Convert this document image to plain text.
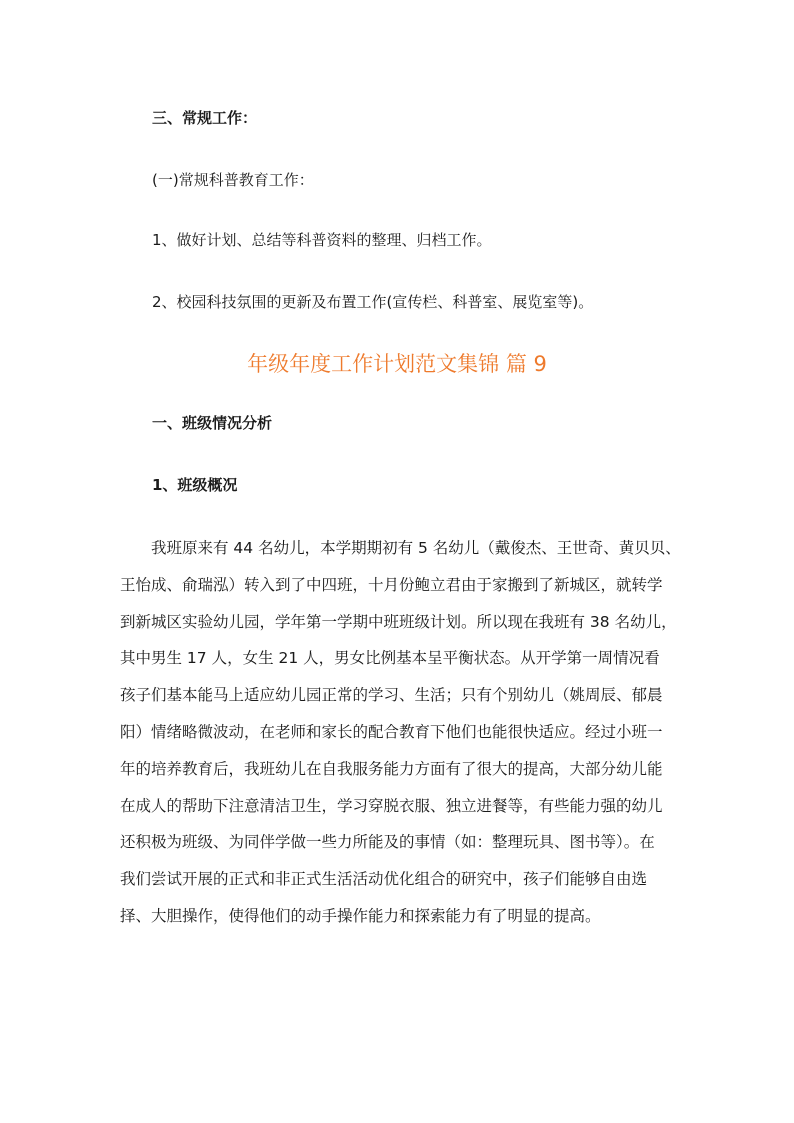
三、常规工作：
(一)常规科普教育工作：
1、做好计划、总结等科普资料的整理、归档工作。
2、校园科技氛围的更新及布置工作(宣传栏、科普室、展览室等)。
年级年度工作计划范文集锦 篇 9
一、班级情况分析
1、班级概况
　　我班原来有 44 名幼儿，本学期期初有 5 名幼儿（戴俊杰、王世奇、黄贝贝、
王怡成、俞瑞泓）转入到了中四班，十月份鲍立君由于家搬到了新城区，就转学
到新城区实验幼儿园，学年第一学期中班班级计划。所以现在我班有 38 名幼儿，
其中男生 17 人，女生 21 人，男女比例基本呈平衡状态。从开学第一周情况看
孩子们基本能马上适应幼儿园正常的学习、生活；只有个别幼儿（姚周辰、郁晨
阳）情绪略微波动，在老师和家长的配合教育下他们也能很快适应。经过小班一
年的培养教育后，我班幼儿在自我服务能力方面有了很大的提高，大部分幼儿能
在成人的帮助下注意清洁卫生，学习穿脱衣服、独立进餐等，有些能力强的幼儿
还积极为班级、为同伴学做一些力所能及的事情（如：整理玩具、图书等）。在
我们尝试开展的正式和非正式生活活动优化组合的研究中，孩子们能够自由选
择、大胆操作，使得他们的动手操作能力和探索能力有了明显的提高。
